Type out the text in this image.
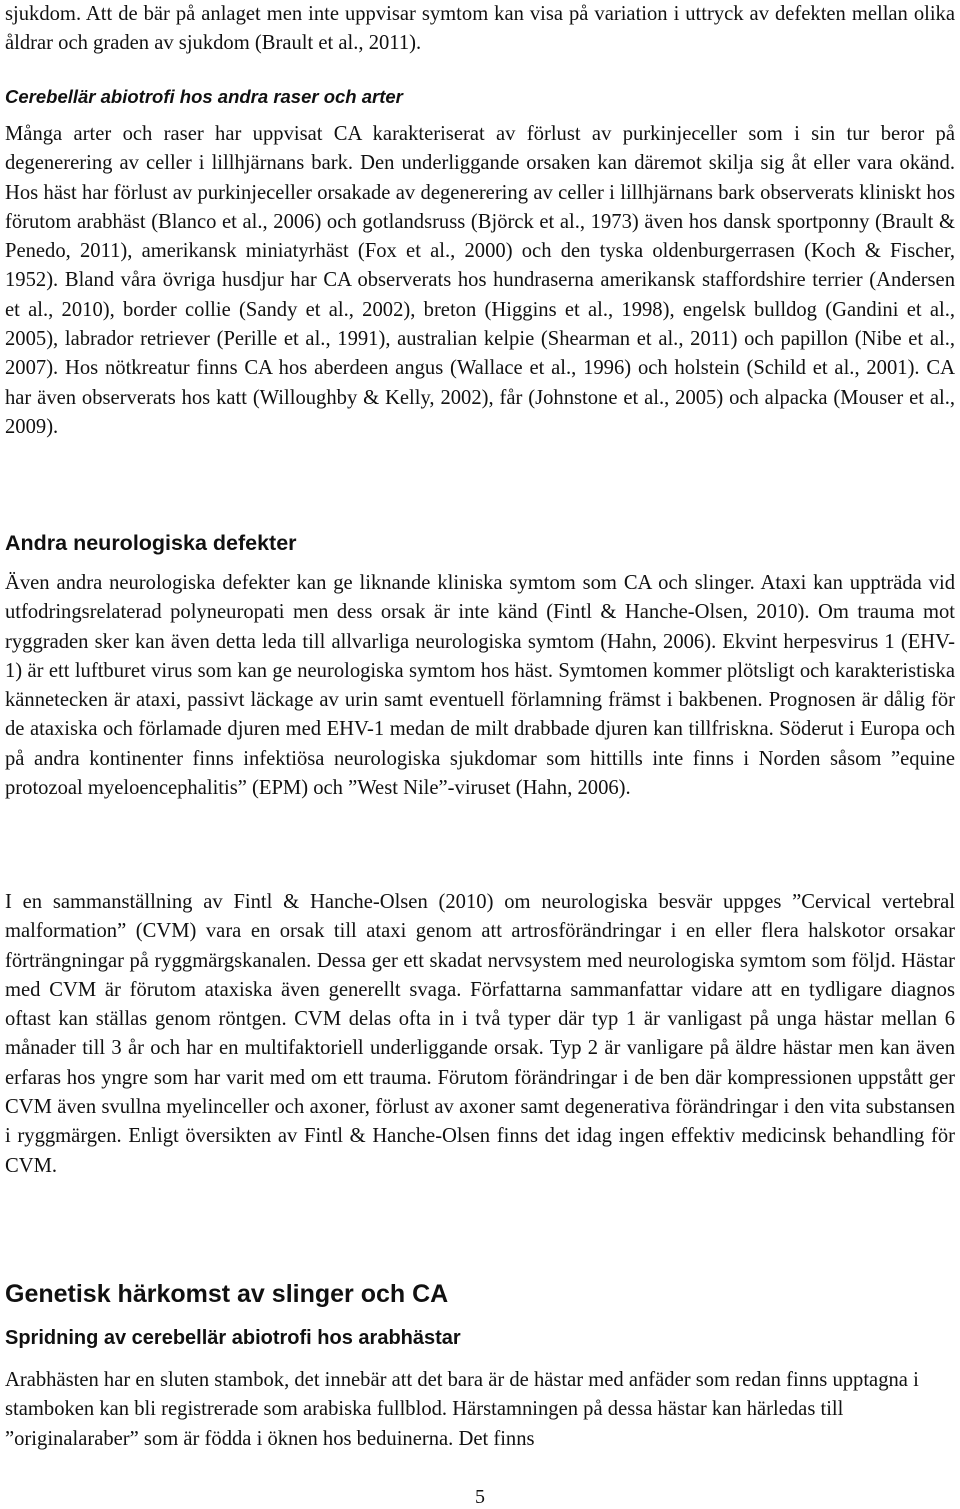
sjukdom. Att de bär på anlaget men inte uppvisar symtom kan visa på variation i uttryck av defekten mellan olika åldrar och graden av sjukdom (Brault et al., 2011).

Cerebellär abiotrofi hos andra raser och arter

Många arter och raser har uppvisat CA karakteriserat av förlust av purkinjeceller som i sin tur beror på degenerering av celler i lillhjärnans bark. Den underliggande orsaken kan däremot skilja sig åt eller vara okänd. Hos häst har förlust av purkinjeceller orsakade av degenerering av celler i lillhjärnans bark observerats kliniskt hos förutom arabhäst (Blanco et al., 2006) och gotlandsruss (Björck et al., 1973) även hos dansk sportponny (Brault & Penedo, 2011), amerikansk miniatyrhäst (Fox et al., 2000) och den tyska oldenburgerrasen (Koch & Fischer, 1952). Bland våra övriga husdjur har CA observerats hos hundraserna amerikansk staffordshire terrier (Andersen et al., 2010), border collie (Sandy et al., 2002), breton (Higgins et al., 1998), engelsk bulldog (Gandini et al., 2005), labrador retriever (Perille et al., 1991), australian kelpie (Shearman et al., 2011) och papillon (Nibe et al., 2007). Hos nötkreatur finns CA hos aberdeen angus (Wallace et al., 1996) och holstein (Schild et al., 2001). CA har även observerats hos katt (Willoughby & Kelly, 2002), får (Johnstone et al., 2005) och alpacka (Mouser et al., 2009).

Andra neurologiska defekter

Även andra neurologiska defekter kan ge liknande kliniska symtom som CA och slinger. Ataxi kan uppträda vid utfodringsrelaterad polyneuropati men dess orsak är inte känd (Fintl & Hanche-Olsen, 2010). Om trauma mot ryggraden sker kan även detta leda till allvarliga neurologiska symtom (Hahn, 2006). Ekvint herpesvirus 1 (EHV-1) är ett luftburet virus som kan ge neurologiska symtom hos häst. Symtomen kommer plötsligt och karakteristiska kännetecken är ataxi, passivt läckage av urin samt eventuell förlamning främst i bakbenen. Prognosen är dålig för de ataxiska och förlamade djuren med EHV-1 medan de milt drabbade djuren kan tillfriskna. Söderut i Europa och på andra kontinenter finns infektiösa neurologiska sjukdomar som hittills inte finns i Norden såsom ”equine protozoal myeloencephalitis” (EPM) och ”West Nile”-viruset (Hahn, 2006).

I en sammanställning av Fintl & Hanche-Olsen (2010) om neurologiska besvär uppges ”Cervical vertebral malformation” (CVM) vara en orsak till ataxi genom att artrosförändringar i en eller flera halskotor orsakar förträngningar på ryggmärgskanalen. Dessa ger ett skadat nervsystem med neurologiska symtom som följd. Hästar med CVM är förutom ataxiska även generellt svaga. Författarna sammanfattar vidare att en tydligare diagnos oftast kan ställas genom röntgen. CVM delas ofta in i två typer där typ 1 är vanligast på unga hästar mellan 6 månader till 3 år och har en multifaktoriell underliggande orsak. Typ 2 är vanligare på äldre hästar men kan även erfaras hos yngre som har varit med om ett trauma. Förutom förändringar i de ben där kompressionen uppstått ger CVM även svullna myelinceller och axoner, förlust av axoner samt degenerativa förändringar i den vita substansen i ryggmärgen. Enligt översikten av Fintl & Hanche-Olsen finns det idag ingen effektiv medicinsk behandling för CVM.

Genetisk härkomst av slinger och CA
Spridning av cerebellär abiotrofi hos arabhästar

Arabhästen har en sluten stambok, det innebär att det bara är de hästar med anfäder som redan finns upptagna i stamboken kan bli registrerade som arabiska fullblod. Härstamningen på dessa hästar kan härledas till ”originalaraber” som är födda i öknen hos beduinerna. Det finns

5
